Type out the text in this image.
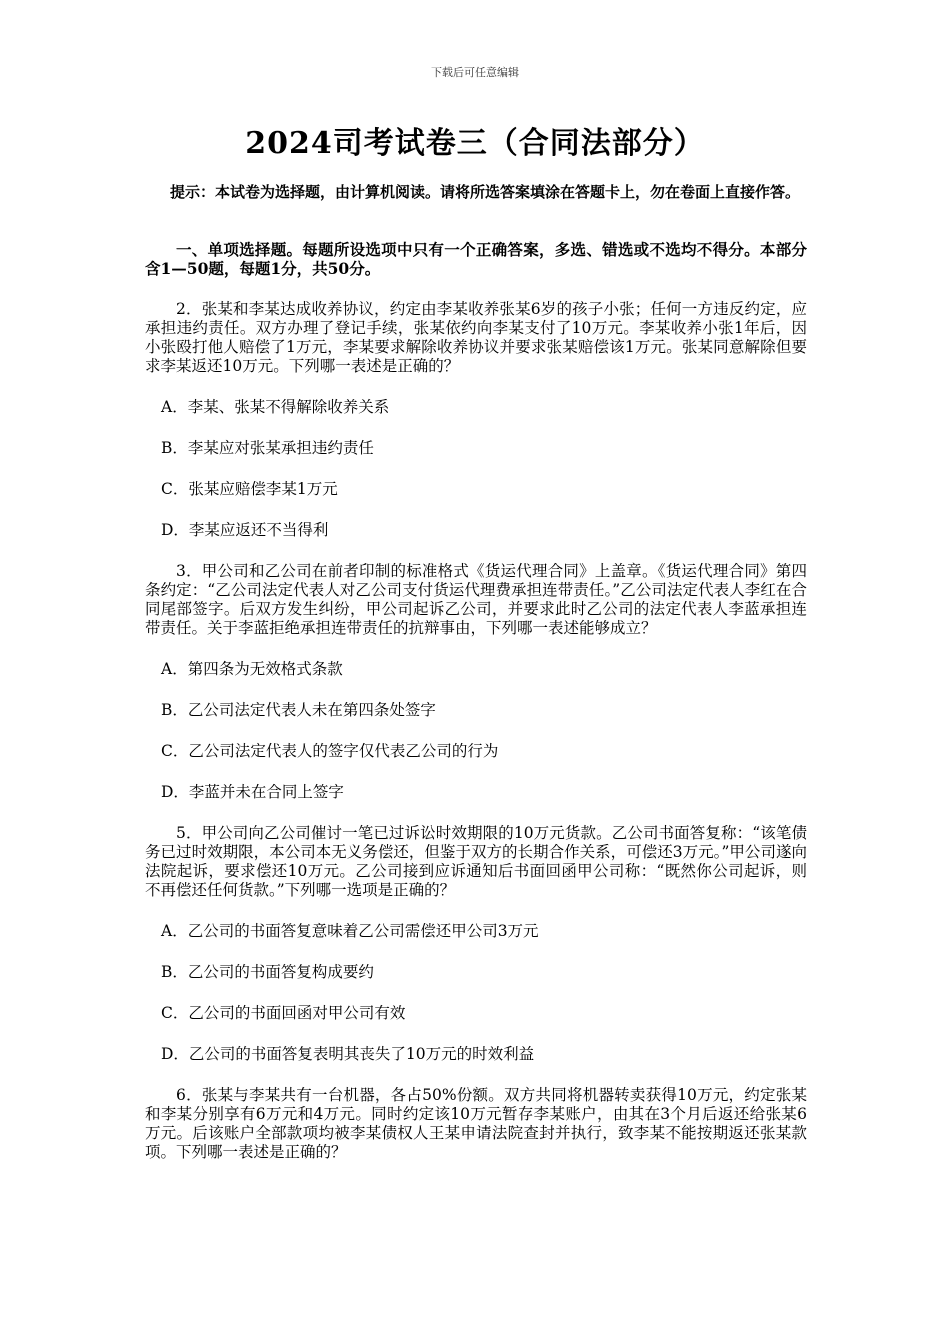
下载后可任意编辑
2024司考试卷三（合同法部分）
提示：本试卷为选择题，由计算机阅读。请将所选答案填涂在答题卡上，勿在卷面上直接作答。

一、单项选择题。每题所设选项中只有一个正确答案，多选、错选或不选均不得分。本部分含1—50题，每题1分，共50分。

2．张某和李某达成收养协议，约定由李某收养张某6岁的孩子小张；任何一方违反约定，应承担违约责任。双方办理了登记手续，张某依约向李某支付了10万元。李某收养小张1年后，因小张殴打他人赔偿了1万元，李某要求解除收养协议并要求张某赔偿该1万元。张某同意解除但要求李某返还10万元。下列哪一表述是正确的？

A．李某、张某不得解除收养关系

B．李某应对张某承担违约责任

C．张某应赔偿李某1万元

D．李某应返还不当得利

3．甲公司和乙公司在前者印制的标准格式《货运代理合同》上盖章。《货运代理合同》第四条约定：“乙公司法定代表人对乙公司支付货运代理费承担连带责任。”乙公司法定代表人李红在合同尾部签字。后双方发生纠纷，甲公司起诉乙公司，并要求此时乙公司的法定代表人李蓝承担连带责任。关于李蓝拒绝承担连带责任的抗辩事由，下列哪一表述能够成立？

A．第四条为无效格式条款

B．乙公司法定代表人未在第四条处签字

C．乙公司法定代表人的签字仅代表乙公司的行为

D．李蓝并未在合同上签字

5．甲公司向乙公司催讨一笔已过诉讼时效期限的10万元货款。乙公司书面答复称：“该笔债务已过时效期限，本公司本无义务偿还，但鉴于双方的长期合作关系，可偿还3万元。”甲公司遂向法院起诉，要求偿还10万元。乙公司接到应诉通知后书面回函甲公司称：“既然你公司起诉，则不再偿还任何货款。”下列哪一选项是正确的？

A．乙公司的书面答复意味着乙公司需偿还甲公司3万元

B．乙公司的书面答复构成要约

C．乙公司的书面回函对甲公司有效

D．乙公司的书面答复表明其丧失了10万元的时效利益

6．张某与李某共有一台机器，各占50%份额。双方共同将机器转卖获得10万元，约定张某和李某分别享有6万元和4万元。同时约定该10万元暂存李某账户，由其在3个月后返还给张某6万元。后该账户全部款项均被李某债权人王某申请法院查封并执行，致李某不能按期返还张某款项。下列哪一表述是正确的？
